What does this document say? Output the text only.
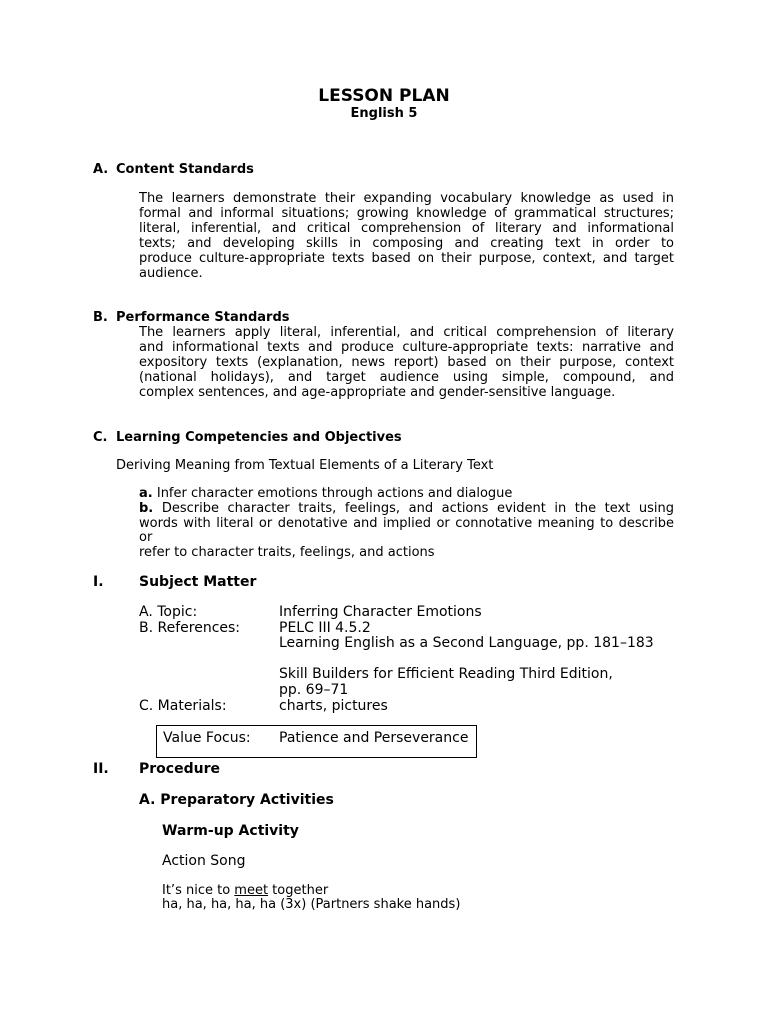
LESSON PLAN
English 5
A. Content Standards
The learners demonstrate their expanding vocabulary knowledge as used in
formal and informal situations; growing knowledge of grammatical structures;
literal, inferential, and critical comprehension of literary and informational
texts; and developing skills in composing and creating text in order to
produce culture-appropriate texts based on their purpose, context, and target
audience.
B. Performance Standards
The learners apply literal, inferential, and critical comprehension of literary
and informational texts and produce culture-appropriate texts: narrative and
expository texts (explanation, news report) based on their purpose, context
(national holidays), and target audience using simple, compound, and
complex sentences, and age-appropriate and gender-sensitive language.
C. Learning Competencies and Objectives
Deriving Meaning from Textual Elements of a Literary Text
a. Infer character emotions through actions and dialogue
b. Describe character traits, feelings, and actions evident in the text using
words with literal or denotative and implied or connotative meaning to describe or
refer to character traits, feelings, and actions
I.	Subject Matter
A. Topic:	Inferring Character Emotions
B. References:	PELC III 4.5.2
Learning English as a Second Language, pp. 181–183
Skill Builders for Efficient Reading Third Edition,
pp. 69–71
C. Materials:	charts, pictures
Value Focus: Patience and Perseverance
II. Procedure
A. Preparatory Activities
Warm-up Activity
Action Song
It’s nice to meet together
ha, ha, ha, ha, ha (3x) (Partners shake hands)
